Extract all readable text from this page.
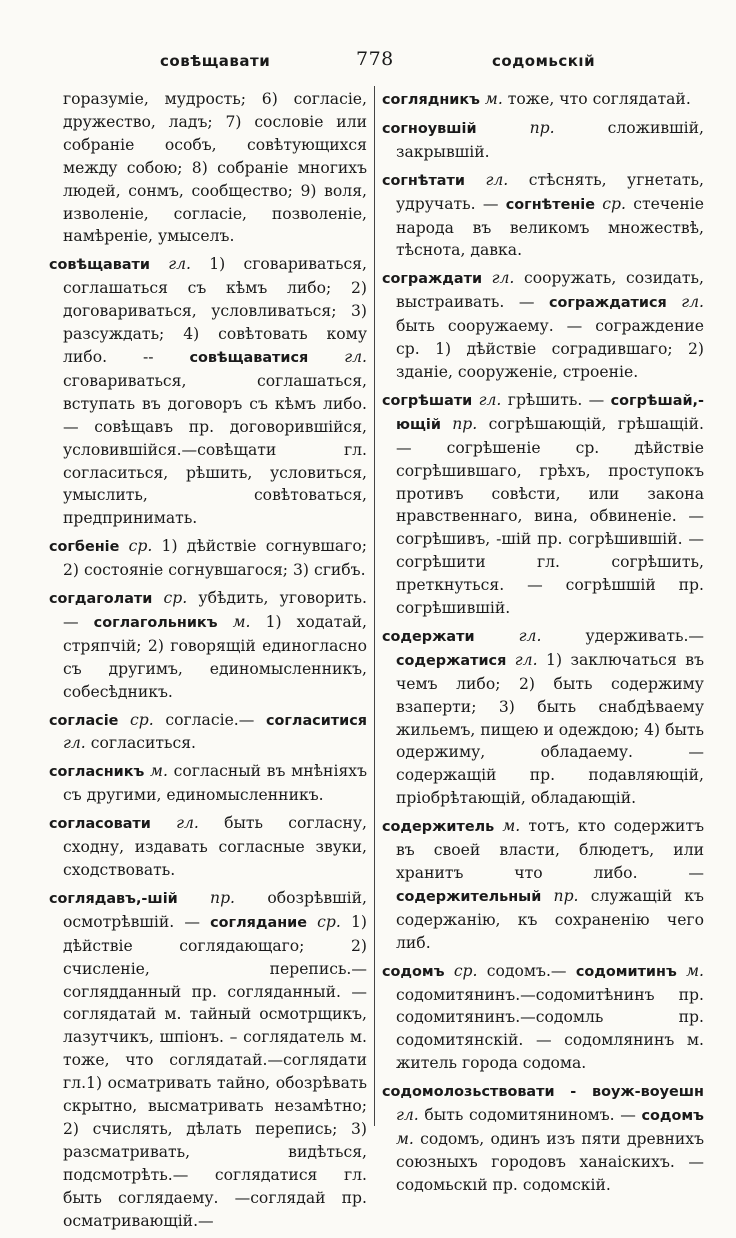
совѣщавати	778	содомьскıй

горазумiе, мудрость; 6) согласiе, дружество, ладъ; 7) сословiе или собранiе особъ, совѣтующихся между собою; 8) собранiе многихъ людей, сонмъ, сообщество; 9) воля, изволенiе, согласiе, позволенiе, намѣренiе, умыселъ.

совѣщавати гл. 1) сговариваться, соглашаться съ кѣмъ либо; 2) договариваться, условливаться; 3) разсуждать; 4) совѣтовать кому либо. -- совѣщаватися гл. сговариваться, соглашаться, вступать въ договоръ съ кѣмъ либо. — совѣщавъ пр. договорившiйся, условившiйся.—совѣщати гл. согласиться, рѣшить, условиться, умыслить, совѣтоваться, предпринимать.

согбенiе ср. 1) дѣйствiе согнувшаго; 2) состоянiе согнувшагося; 3) сгибъ.

согдаголати ср. убѣдить, уговорить. — соглагольникъ м. 1) ходатай, стряпчiй; 2) говорящiй единогласно съ другимъ, единомысленникъ, собесѣдникъ.

согласiе ср. согласiе.— согласитися гл. согласиться.

согласникъ м. согласный въ мнѣнiяхъ съ другими, единомысленникъ.

согласовати гл. быть согласну, сходну, издавать согласные звуки, сходствовать.

соглядавъ,-шiй пр. обозрѣвшiй, осмотрѣвшiй. — соглядание ср. 1) дѣйствiе соглядающаго; 2) счисленiе, перепись.—соглядданный пр. согляданный. — соглядатай м. тайный осмотрщикъ, лазутчикъ, шпiонъ. – соглядатель м. тоже, что соглядатай.—соглядати гл.1) осматривать тайно, обозрѣвать скрытно, высматривать незамѣтно; 2) счислять, дѣлать перепись; 3) разсматривать, видѣться, подсмотрѣть.— соглядатися гл. быть соглядаему. —соглядай пр. осматривающiй.—

соглядникъ м. тоже, что соглядатай.

согноувшiй	пр.	сложившiй, закрывшiй.

согнѣтати гл. стѣснять, угнетать, удручать. — согнѣтенiе ср. стеченiе народа въ великомъ множествѣ, тѣснота, давка.

сограждати гл. сооружать, созидать, выстраивать. — сограждатися гл. быть сооружаему. — сограждение ср. 1) дѣйствiе соградившаго; 2) зданiе, сооруженiе, строенiе.

согрѣшати гл. грѣшить. — согрѣшай,-ющiй пр. согрѣшающiй, грѣшащiй. — согрѣшенiе ср. дѣйствiе согрѣшившаго, грѣхъ, проступокъ противъ совѣсти, или закона нравственнаго, вина, обвиненiе. — согрѣшивъ, -шiй пр. согрѣшившiй. — согрѣшити гл. согрѣшить, преткнуться. — согрѣшшiй пр. согрѣшившiй.

содержати	гл.	удерживать.— содержатися гл. 1) заключаться въ чемъ либо; 2) быть содержиму взаперти; 3) быть снабдѣваему жильемъ, пищею и одеждою; 4) быть одержиму, обладаему. — содержащiй пр. подавляющiй, прiобрѣтающiй, обладающiй.

содержитель м. тотъ, кто содержитъ въ своей власти, блюдетъ, или хранитъ что либо. — содержительный пр. служащiй къ содержанiю, къ сохраненiю чего либ.

содомъ ср. содомъ.— содомитинъ м. содомитянинъ.—содомитѣнинъ пр. содомитянинъ.—содомль пр. содомитянскiй. — содомлянинъ м. житель города содома.

содомолозьствовати - воуж-воуешн гл. быть содомитяниномъ. — содомъ м. содомъ, одинъ изъ пяти древнихъ союзныхъ городовъ ханаiскихъ. — содомьскıй пр. содомскiй.
